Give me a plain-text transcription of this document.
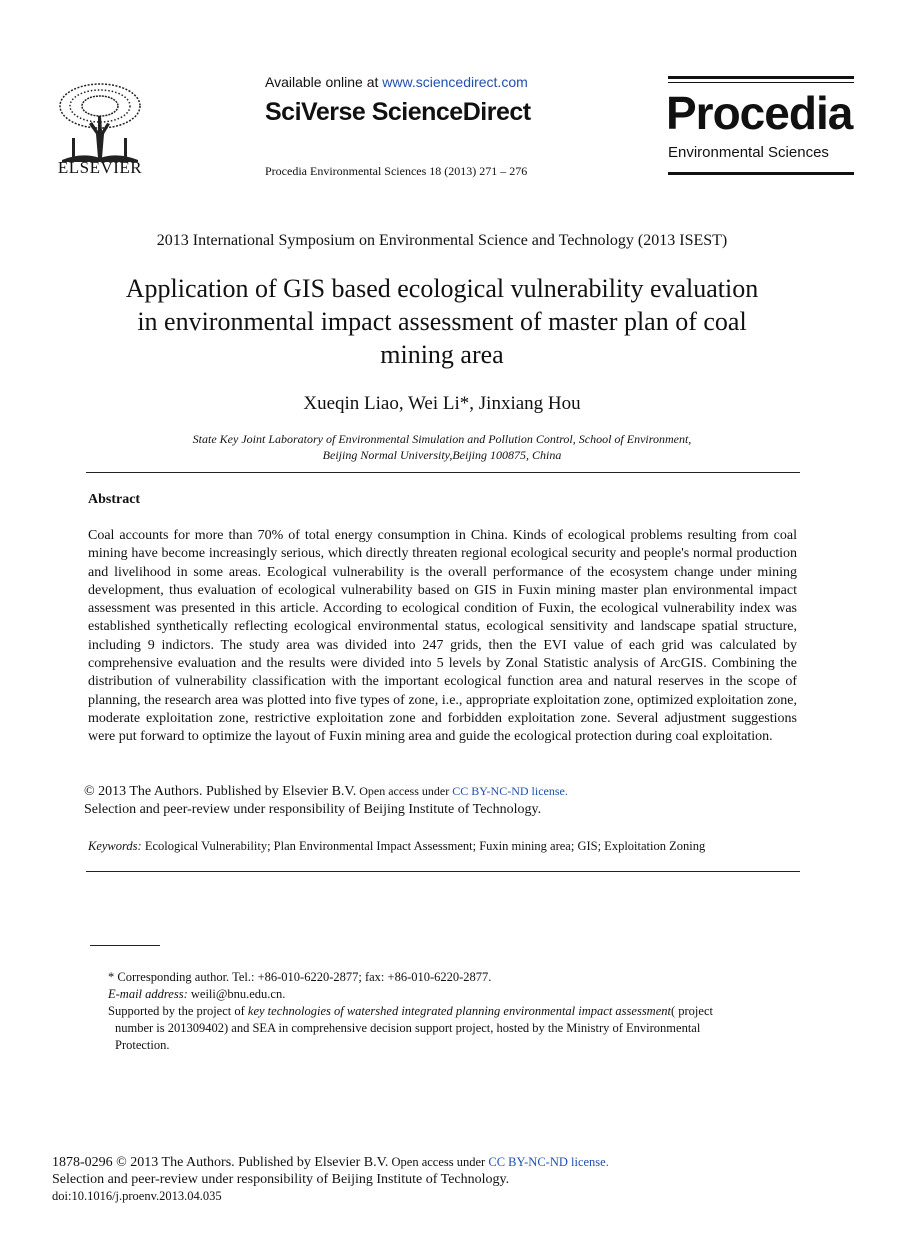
ELSEVIER
Available online at www.sciencedirect.com
SciVerse ScienceDirect
Procedia Environmental Sciences 18 (2013) 271 – 276
Procedia
Environmental Sciences
2013 International Symposium on Environmental Science and Technology (2013 ISEST)
Application of GIS based ecological vulnerability evaluation
in environmental impact assessment of master plan of coal
mining area
Xueqin Liao, Wei Li*, Jinxiang Hou
State Key Joint Laboratory of Environmental Simulation and Pollution Control, School of Environment,
Beijing Normal University,Beijing 100875, China
Abstract
Coal accounts for more than 70% of total energy consumption in China. Kinds of ecological problems resulting from coal mining have become increasingly serious, which directly threaten regional ecological security and people's normal production and livelihood in some areas. Ecological vulnerability is the overall performance of the ecosystem change under mining development, thus evaluation of ecological vulnerability based on GIS in Fuxin mining master plan environmental impact assessment was presented in this article. According to ecological condition of Fuxin, the ecological vulnerability index was established synthetically reflecting ecological environmental status, ecological sensitivity and landscape spatial structure, including 9 indictors. The study area was divided into 247 grids, then the EVI value of each grid was calculated by comprehensive evaluation and the results were divided into 5 levels by Zonal Statistic analysis of ArcGIS. Combining the distribution of vulnerability classification with the important ecological function area and natural reserves in the scope of planning, the research area was plotted into five types of zone, i.e., appropriate exploitation zone, optimized exploitation zone, moderate exploitation zone, restrictive exploitation zone and forbidden exploitation zone. Several adjustment suggestions were put forward to optimize the layout of Fuxin mining area and guide the ecological protection during coal exploitation.
© 2013 The Authors. Published by Elsevier B.V. Open access under CC BY-NC-ND license.
Selection and peer-review under responsibility of Beijing Institute of Technology.
Keywords: Ecological Vulnerability; Plan Environmental Impact Assessment; Fuxin mining area; GIS; Exploitation Zoning
* Corresponding author. Tel.: +86-010-6220-2877; fax: +86-010-6220-2877.
E-mail address: weili@bnu.edu.cn.
Supported by the project of key technologies of watershed integrated planning environmental impact assessment( project
number is 201309402) and SEA in comprehensive decision support project, hosted by the Ministry of Environmental
Protection.
1878-0296 © 2013 The Authors. Published by Elsevier B.V. Open access under CC BY-NC-ND license.
Selection and peer-review under responsibility of Beijing Institute of Technology.
doi:10.1016/j.proenv.2013.04.035
